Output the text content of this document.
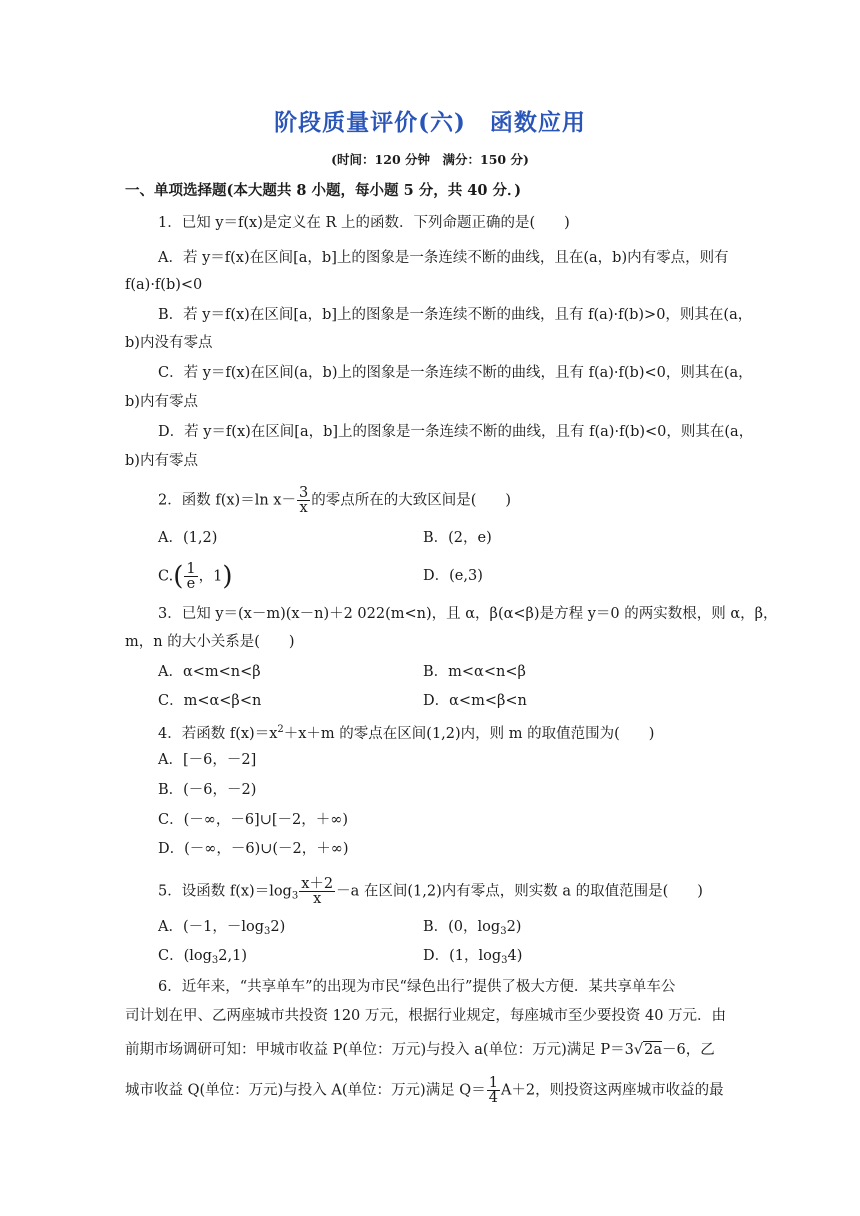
阶段质量评价(六)　函数应用
(时间：120 分钟　满分：150 分)
一、单项选择题(本大题共 8 小题，每小题 5 分，共 40 分．)
1．已知 y＝f(x)是定义在 R 上的函数．下列命题正确的是(　　)
A．若 y＝f(x)在区间[a，b]上的图象是一条连续不断的曲线，且在(a，b)内有零点，则有
f(a)·f(b)<0
B．若 y＝f(x)在区间[a，b]上的图象是一条连续不断的曲线，且有 f(a)·f(b)>0，则其在(a，
b)内没有零点
C．若 y＝f(x)在区间(a，b)上的图象是一条连续不断的曲线，且有 f(a)·f(b)<0，则其在(a，
b)内有零点
D．若 y＝f(x)在区间[a，b]上的图象是一条连续不断的曲线，且有 f(a)·f(b)<0，则其在(a，
b)内有零点
2．函数 f(x)＝ln $x- \frac{3}{x}$ 的零点所在的大致区间是(　　)
A．(1,2)	B．(2，e)
$C.( \frac{1}{e}$ ，1)	D．(e,3)
3．已知 y＝(x－m)(x－n)＋2 022(m<n)，且 α，β(α<β)是方程 y＝0 的两实数根，则 α，β，
m，n 的大小关系是(　　)
A．α<m<n<β	B．m<α<n<β
C．m<α<β<n	D．α<m<β<n
4．若函数 $f(x)=x^2+x+m$ 的零点在区间(1,2)内，则 m 的取值范围为(　　)
A．[－6，－2]
B．(－6，－2)
C．(－∞，－6]∪[－2，＋∞)
D．(－∞，－6)∪(－2，＋∞)
5．设函数 $f(x)=\log_3 \frac{x+2}{x} -a$ 在区间(1,2)内有零点，则实数 a 的取值范围是(　　)
A．(－1，$-\log_32$)	B．(0，$\log_32$)
C．$(\log_32,1)$	D．(1，$\log_34$)
6．近年来，“共享单车”的出现为市民“绿色出行”提供了极大方便．某共享单车公
司计划在甲、乙两座城市共投资 120 万元，根据行业规定，每座城市至少要投资 40 万元．由
前期市场调研可知：甲城市收益 P(单位：万元)与投入 a(单位：万元)满足 P＝3√2a－6，乙
城市收益 Q(单位：万元)与投入 A(单位：万元)满足 $Q= \frac{1}{4} A+2$，则投资这两座城市收益的最
